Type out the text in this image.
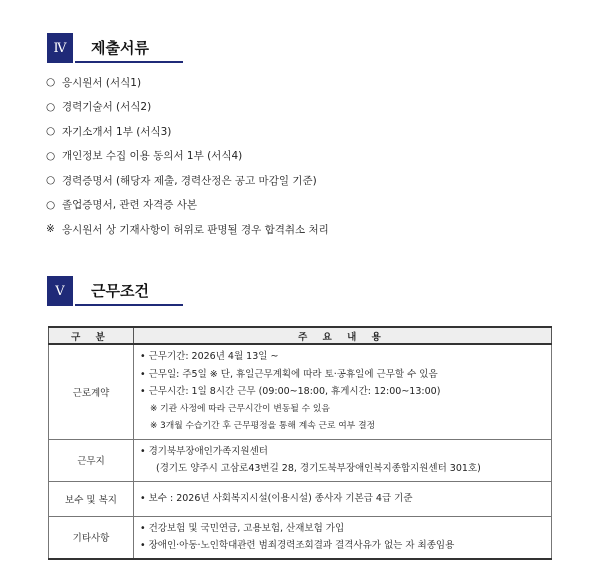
Ⅳ	제출서류
○ 응시원서 (서식1)
○ 경력기술서 (서식2)
○ 자기소개서 1부 (서식3)
○ 개인정보 수집 이용 동의서 1부 (서식4)
○ 경력증명서 (해당자 제출, 경력산정은 공고 마감일 기준)
○ 졸업증명서, 관련 자격증 사본
※ 응시원서 상 기재사항이 허위로 판명될 경우 합격취소 처리
Ⅴ	근무조건
구 분	주 요 내 용
근로계약	• 근무기간: 2026년 4월 13일 ~
• 근무일: 주5일 ※ 단, 휴일근무계획에 따라 토·공휴일에 근무할 수 있음
• 근무시간: 1일 8시간 근무 (09:00~18:00, 휴게시간: 12:00~13:00)
※ 기관 사정에 따라 근무시간이 변동될 수 있음
※ 3개월 수습기간 후 근무평정을 통해 계속 근로 여부 결정

근무지	• 경기북부장애인가족지원센터
(경기도 양주시 고삼로43번길 28, 경기도북부장애인복지종합지원센터 301호)

보수 및 복지	• 보수 : 2026년 사회복지시설(이용시설) 종사자 기본급 4급 기준

기타사항	• 건강보험 및 국민연금, 고용보험, 산재보험 가입
• 장애인·아동·노인학대관련 범죄경력조회결과 결격사유가 없는 자 최종임용
